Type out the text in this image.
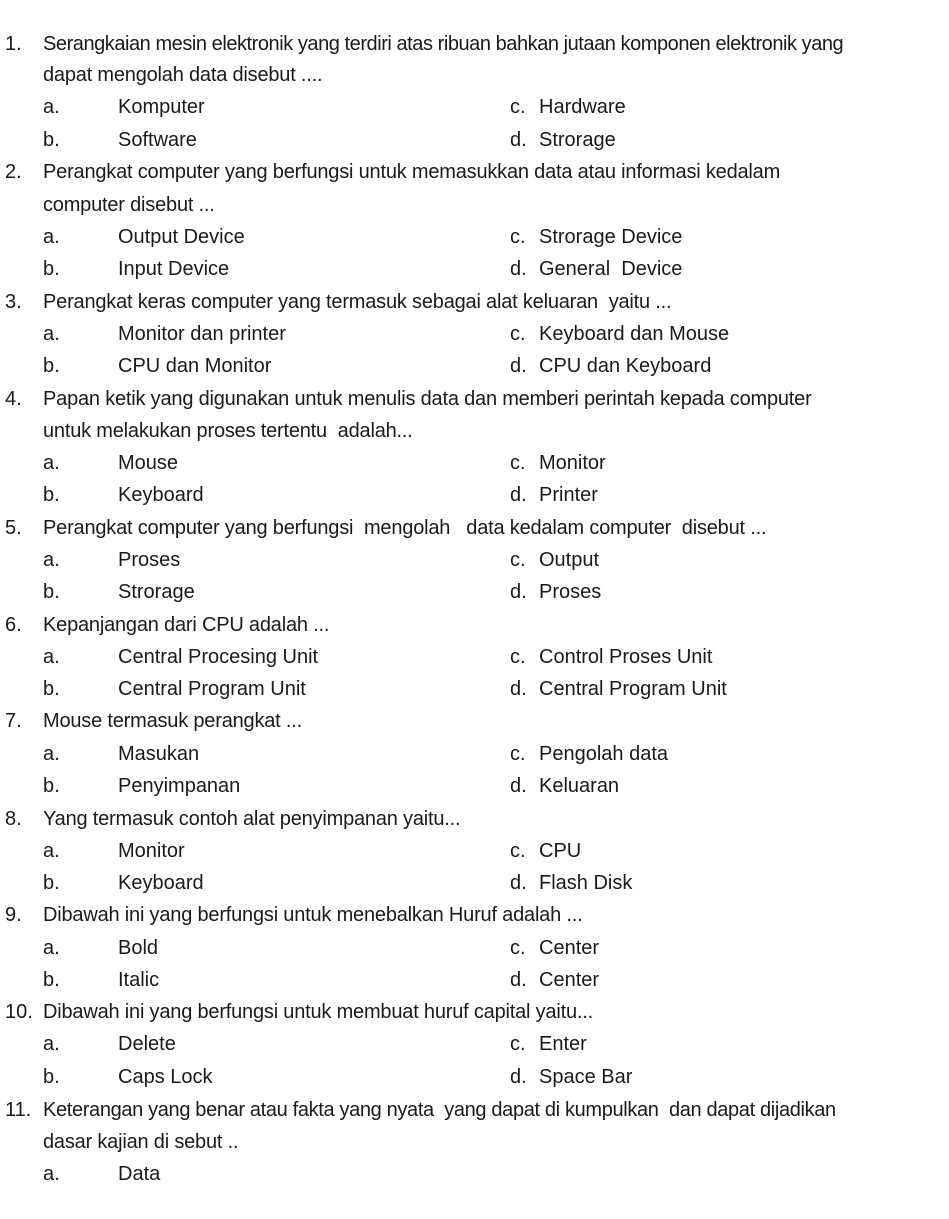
1. Serangkaian mesin elektronik yang terdiri atas ribuan bahkan jutaan komponen elektronik yang
dapat mengolah data disebut ....
a.	Komputer	c. Hardware
b.	Software	d. Strorage
2. Perangkat computer yang berfungsi untuk memasukkan data atau informasi kedalam
computer disebut ...
a.	Output Device	c. Strorage Device
b.	Input Device	d. General  Device
3. Perangkat keras computer yang termasuk sebagai alat keluaran  yaitu ...
a.	Monitor dan printer	c. Keyboard dan Mouse
b.	CPU dan Monitor	d. CPU dan Keyboard
4. Papan ketik yang digunakan untuk menulis data dan memberi perintah kepada computer
untuk melakukan proses tertentu  adalah...
a.	Mouse	c. Monitor
b.	Keyboard	d. Printer
5. Perangkat computer yang berfungsi  mengolah   data kedalam computer  disebut ...
a.	Proses	c. Output
b.	Strorage	d. Proses
6. Kepanjangan dari CPU adalah ...
a.	Central Procesing Unit	c. Control Proses Unit
b.	Central Program Unit	d. Central Program Unit
7. Mouse termasuk perangkat ...
a.	Masukan	c. Pengolah data
b.	Penyimpanan	d. Keluaran
8. Yang termasuk contoh alat penyimpanan yaitu...
a.	Monitor	c. CPU
b.	Keyboard	d. Flash Disk
9. Dibawah ini yang berfungsi untuk menebalkan Huruf adalah ...
a.	Bold	c. Center
b.	Italic	d. Center
10. Dibawah ini yang berfungsi untuk membuat huruf capital yaitu...
a.	Delete	c. Enter
b.	Caps Lock	d. Space Bar
11. Keterangan yang benar atau fakta yang nyata  yang dapat di kumpulkan  dan dapat dijadikan
dasar kajian di sebut ..
a.	Data
